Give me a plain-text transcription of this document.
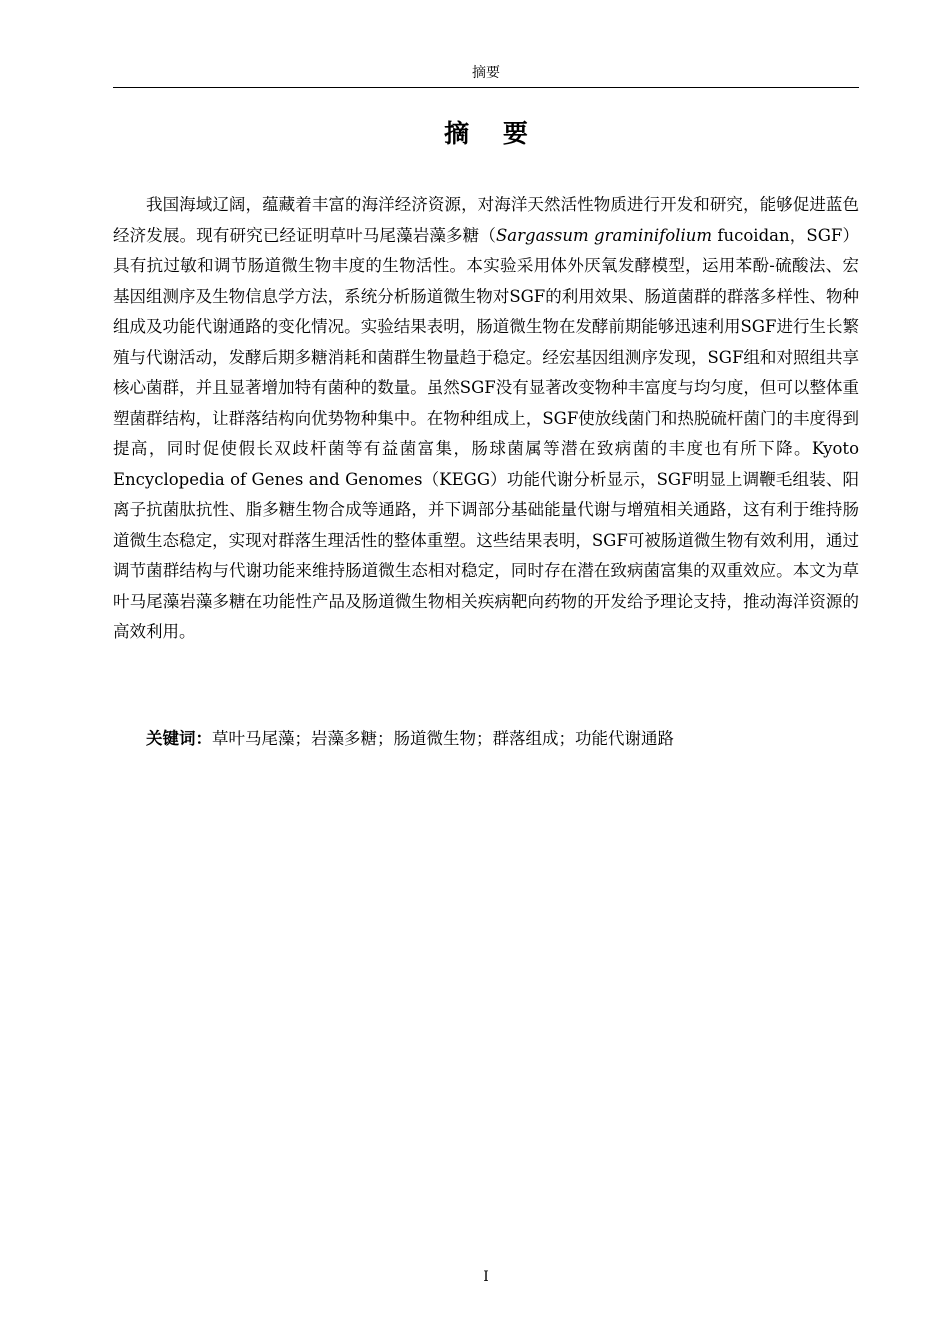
摘要
摘 要

我国海域辽阔，蕴藏着丰富的海洋经济资源，对海洋天然活性物质进行开发和研究，能够促进蓝色经济发展。现有研究已经证明草叶马尾藻岩藻多糖（Sargassum graminifolium fucoidan，SGF）具有抗过敏和调节肠道微生物丰度的生物活性。本实验采用体外厌氧发酵模型，运用苯酚-硫酸法、宏基因组测序及生物信息学方法，系统分析肠道微生物对SGF的利用效果、肠道菌群的群落多样性、物种组成及功能代谢通路的变化情况。实验结果表明，肠道微生物在发酵前期能够迅速利用SGF进行生长繁殖与代谢活动，发酵后期多糖消耗和菌群生物量趋于稳定。经宏基因组测序发现，SGF组和对照组共享核心菌群，并且显著增加特有菌种的数量。虽然SGF没有显著改变物种丰富度与均匀度，但可以整体重塑菌群结构，让群落结构向优势物种集中。在物种组成上，SGF使放线菌门和热脱硫杆菌门的丰度得到提高，同时促使假长双歧杆菌等有益菌富集，肠球菌属等潜在致病菌的丰度也有所下降。Kyoto Encyclopedia of Genes and Genomes（KEGG）功能代谢分析显示，SGF明显上调鞭毛组装、阳离子抗菌肽抗性、脂多糖生物合成等通路，并下调部分基础能量代谢与增殖相关通路，这有利于维持肠道微生态稳定，实现对群落生理活性的整体重塑。这些结果表明，SGF可被肠道微生物有效利用，通过调节菌群结构与代谢功能来维持肠道微生态相对稳定，同时存在潜在致病菌富集的双重效应。本文为草叶马尾藻岩藻多糖在功能性产品及肠道微生物相关疾病靶向药物的开发给予理论支持，推动海洋资源的高效利用。

关键词：草叶马尾藻；岩藻多糖；肠道微生物；群落组成；功能代谢通路

I
